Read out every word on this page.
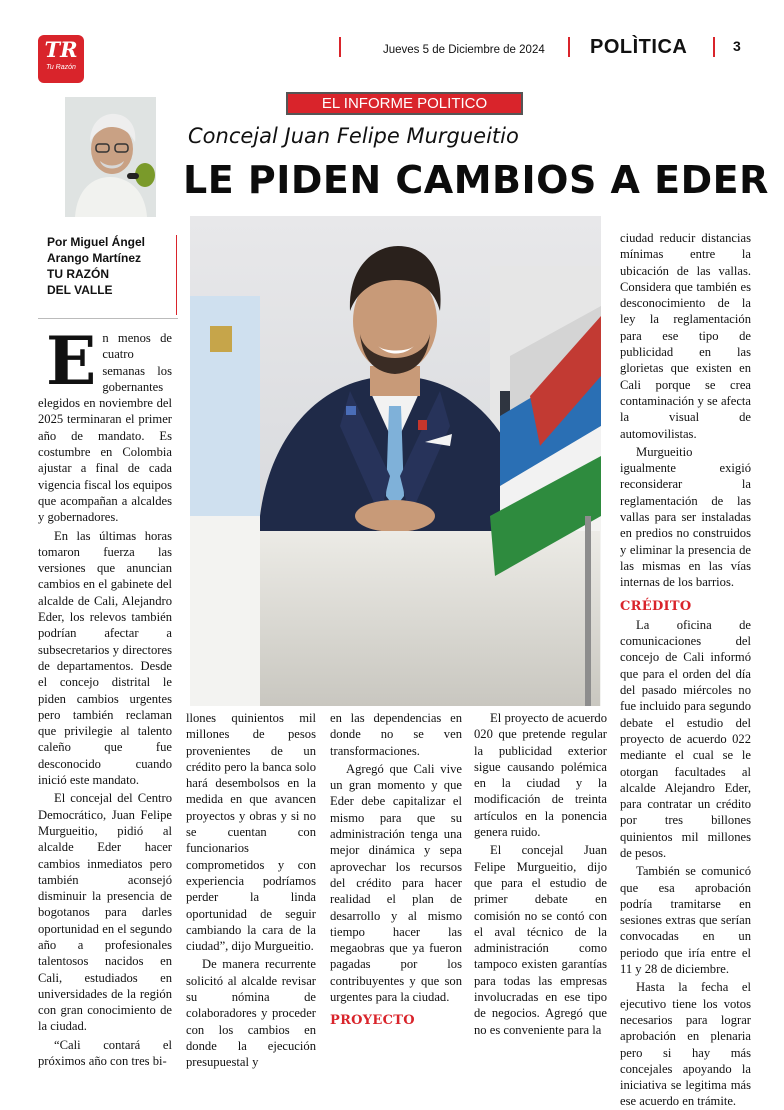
TR
Tu Razón
Jueves 5 de Diciembre de 2024 POLÌTICA	3
Por Miguel Ángel
Arango Martínez
TU RAZÓN
DEL VALLE
EL INFORME POLITICO
Concejal Juan Felipe Murgueitio
LE PIDEN CAMBIOS A EDER

En menos de cuatro semanas los gobernantes elegidos en noviembre del 2025 terminaran el primer año de mandato. Es costumbre en Colombia ajustar a final de cada vigencia fiscal los equipos que acompañan a alcaldes y gobernadores.

En las últimas horas tomaron fuerza las versiones que anuncian cambios en el gabinete del alcalde de Cali, Alejandro Eder, los relevos también podrían afectar a subsecretarios y directores de departamentos. Desde el concejo distrital le piden cambios urgentes pero también reclaman que privilegie al talento caleño que fue desconocido cuando inició este mandato.

El concejal del Centro Democrático, Juan Felipe Murgueitio, pidió al alcalde Eder hacer cambios inmediatos pero también aconsejó disminuir la presencia de bogotanos para darles oportunidad en el segundo año a profesionales talentosos nacidos en Cali, estudiados en universidades de la región con gran conocimiento de la ciudad.

“Cali contará el próximos año con tres bi-

llones quinientos mil millones de pesos provenientes de un crédito pero la banca solo hará desembolsos en la medida en que avancen proyectos y obras y si no se cuentan con funcionarios comprometidos y con experiencia podríamos perder la linda oportunidad de seguir cambiando la cara de la ciudad”, dijo Murgueitio.

De manera recurrente solicitó al alcalde revisar su nómina de colaboradores y proceder con los cambios en donde la ejecución presupuestal y

en las dependencias en donde no se ven transformaciones.

Agregó que Cali vive un gran momento y que Eder debe capitalizar el mismo para que su administración tenga una mejor dinámica y sepa aprovechar los recursos del crédito para hacer realidad el plan de desarrollo y al mismo tiempo hacer las megaobras que ya fueron pagadas por los contribuyentes y que son urgentes para la ciudad.

PROYECTO

El proyecto de acuerdo 020 que pretende regular la publicidad exterior sigue causando polémica en la ciudad y la modificación de treinta artículos en la ponencia genera ruido.

El concejal Juan Felipe Murgueitio, dijo que para el estudio de primer debate en comisión no se contó con el aval técnico de la administración como tampoco existen garantías para todas las empresas involucradas en ese tipo de negocios. Agregó que no es conveniente para la

ciudad reducir distancias mínimas entre la ubicación de las vallas. Considera que también es desconocimiento de la ley la reglamentación para ese tipo de publicidad en las glorietas que existen en Cali porque se crea contaminación y se afecta la visual de automovilistas.

Murgueitio igualmente exigió reconsiderar la reglamentación de las vallas para ser instaladas en predios no construidos y eliminar la presencia de las mismas en las vías internas de los barrios.

CRÉDITO

La oficina de comunicaciones del concejo de Cali informó que para el orden del día del pasado miércoles no fue incluido para segundo debate el estudio del proyecto de acuerdo 022 mediante el cual se le otorgan facultades al alcalde Alejandro Eder, para contratar un crédito por tres billones quinientos mil millones de pesos.

También se comunicó que esa aprobación podría tramitarse en sesiones extras que serían convocadas en un periodo que iría entre el 11 y 28 de diciembre.

Hasta la fecha el ejecutivo tiene los votos necesarios para lograr aprobación en plenaria pero si hay más concejales apoyando la iniciativa se legitima más ese acuerdo en trámite.
